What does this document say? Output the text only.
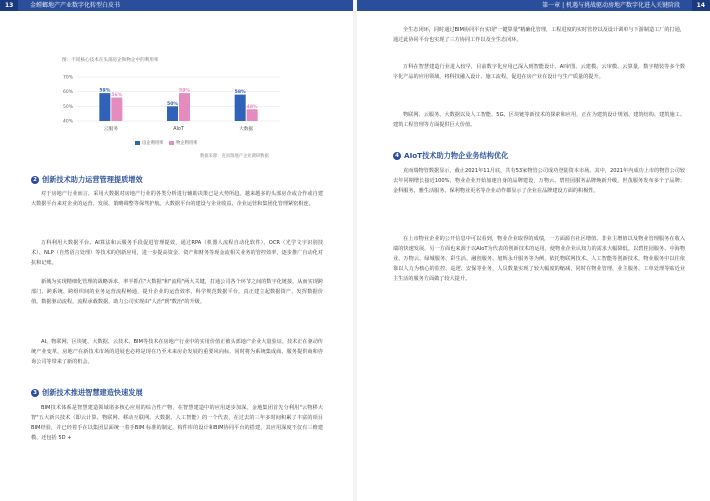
13	金螳螂地产产业数字化转型白皮书
图：不同核心技术在头部房企和物企中的利用率
70%
60%
50%
40%
59%
56%
云服务
50%
59%
AIoT
58%
48%
大数据
房企利用率	物企利用率
数据来源：克而瑞地产企业调研数据
2 创新技术助力运营管理提质增效
对于房地产行业而言，采用大数据对房地产行业的各类分析进行辅助决策已是大势所趋。越来越多的头部房企或合作或自建大数据平台来对企业的运营、发展、策略调整等保驾护航。大数据平台的建设与企业收益、企业运营和集团化管理紧密相连。
万科利用大数据平台、AI算法和云服务手段促进管理提效，通过RPA（机器人流程自动化软件）、OCR（光学文字识别技术）、NLP（自然语言处理）等技术的创新应用，进一步提高资金、资产和财务等现金流相关业务的管控效率，逐步推广自动化对抗和记账。
新城为实现精细化管理的战略诉求，率半抓住"大数据"和"流程"两大关键，打通公司各个环节之间的数字化链接。从而实现跨部门、跨系统、跨组织间的业务运营流程畅通，提升企业的运营效率。科学规范数据平台，真正建立起数据资产，发挥数据价值。数据驱动流程，流程承载数据，助力公司实现由"人治"到"数治"的升级。
AI、物联网、区块链、大数据、云技术、BIM等技术在房地产行业中的实用价值正被头部地产企业大量验证。技术正在驱动传统产业变革，房地产在新技术市场的进展也必将是现在乃至未来房企发展的重要风向标，同时将为系统集成商、服务提供商和咨询公司等带来了新的机会。
3 创新技术推进智慧建造快速发展
BIM技术体系是智慧建造领域诸多核心应用的综合性产物，在智慧建造中的应用逐步加深。金地集团首先分利用"云物移大智"五大新兴技术（即云计算、物联网、移动互联网、大数据、人工智能）的一个代表，在过去的三年多时间积累了丰富的项目BIM经验，并已经着手在以集团层面统一着手BIM 标准的制定，构件库的设计和BIM协同平台的搭建，其应用深度不仅有三维建模、还包括 5D +
第一章 | 机遇与挑战驱动房地产数字化进入关键阶段	14
全生态闭环，同时通过BIM协同平台实现"一键算量"精确化管理，工程进度的实时管控以及设计调单与下游制造工厂的打通，通过此协同平台也实现了三方协同工作以及全生态闭环。
万科在智慧建造行业进入较早，目前数字化应用已深入到智能设计、AI审图、云建模、云审模、云算量，数字精装等多个数字化产品的应用领域，将科技融入设计、施工流程，促进在房产业在设计与生产质量的提升。
物联网、云服务、大数据以及人工智能、5G、区块链等新技术的探索和应用，正在为建筑设计规划、建筑结构、建筑施工、建筑工程管理等方面提供巨大价值。
4 AIoT技术助力物企业务结构优化
克而瑞物管数据显示，截止2021年11月底，共有53家物管公司成功登陆资本市场。其中，2021年内成功上市的物管公司较去年同期增长接近100%，物业企业开始加速自身的品牌建设，万物云、碧桂园服务品牌焕新升级，世茂服务发布多个子品牌；金科服务、雅生活服务、保利物业更名等企业动作都显示了企业在品牌建设方面的积极性。
在上市物业企业的公开信息中可以看到，物业企业取得的成绩，一方面源自社区增值、非业主增值以及物业管理服务在收入端的快速发展，另一方面也来源于以AIoT为代表的创新技术的运用，使物业企业认知力的需求大幅降低。以碧桂园服务、中海物业、万物云、绿城服务、彩生活、融创服务、旭辉永升服务等为例，依托物联网技术、人工智能等创新技术，物业服务中以往依靠以人力为核心的监控、巡逻、安保等业务，人员数量实现了较大幅度的缩减，同时在物业管理、业主服务、工单处理等贴近业主生活的服务方面做了较大提升。
